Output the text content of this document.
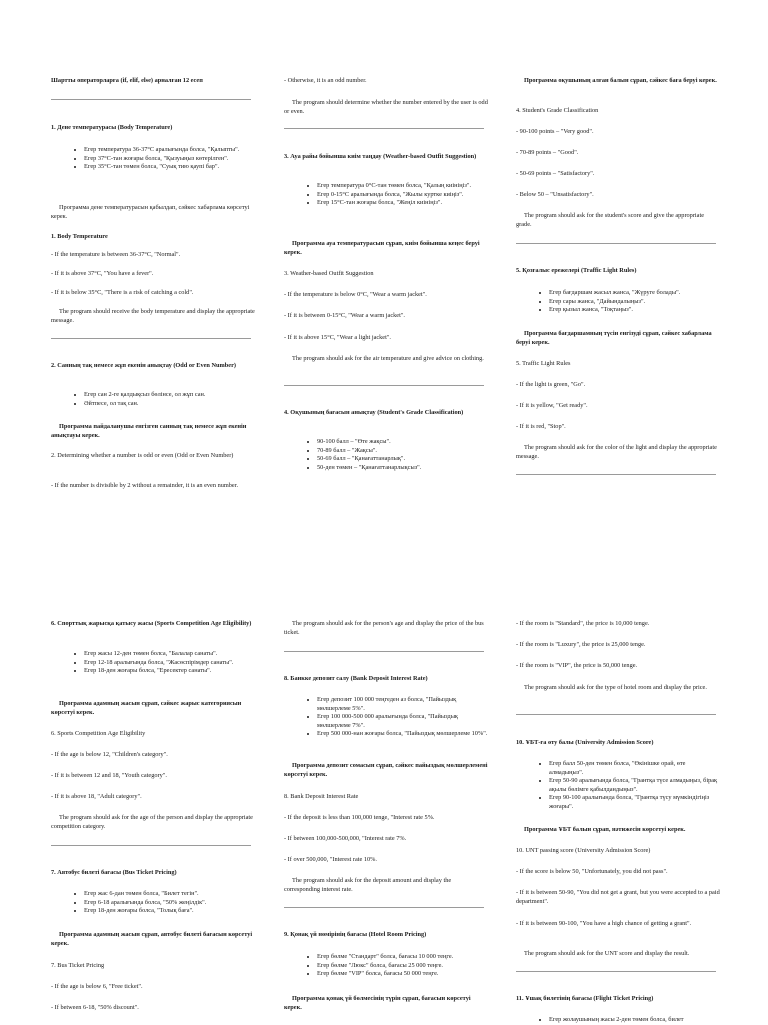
Шартты операторларға (if, elif, else) арналған 12 есеп
1. Дене температурасы (Body Temperature)
• Егер температура 36-37°C аралығында болса, "Қалыпты".
• Егер 37°C-тан жоғары болса, "Қызуыңыз көтерілген".
• Егер 35°C-тан төмен болса, "Суық тию қаупі бар".
Программа дене температурасын қабылдап, сәйкес хабарлама көрсетуі керек.
1. Body Temperature
- If the temperature is between 36-37°C, "Normal".
- If it is above 37°C, "You have a fever".
- If it is below 35°C, "There is a risk of catching a cold".
The program should receive the body temperature and display the appropriate message.
2. Санның тақ немесе жұп екенін анықтау (Odd or Even Number)
• Егер сан 2-ге қалдықсыз бөлінсе, ол жұп сан.
• Әйтпесе, ол тақ сан.
Программа пайдаланушы енгізген санның тақ немесе жұп екенін анықтауы керек.
2. Determining whether a number is odd or even (Odd or Even Number)
- If the number is divisible by 2 without a remainder, it is an even number.
6. Спорттық жарысқа қатысу жасы (Sports Competition Age Eligibility)
• Егер жасы 12-ден төмен болса, "Балалар санаты".
• Егер 12-18 аралығында болса, "Жасөспірімдер санаты".
• Егер 18-ден жоғары болса, "Ересектер санаты".
Программа адамның жасын сұрап, сәйкес жарыс категориясын көрсетуі керек.
6. Sports Competition Age Eligibility
- If the age is below 12, "Children's category".
- If it is between 12 and 18, "Youth category".
- If it is above 18, "Adult category".
The program should ask for the age of the person and display the appropriate competition category.
7. Автобус билеті бағасы (Bus Ticket Pricing)
• Егер жас 6-дан төмен болса, "Билет тегін".
• Егер 6-18 аралығында болса, "50% жеңілдік".
• Егер 18-ден жоғары болса, "Толық баға".
Программа адамның жасын сұрап, автобус билеті бағасын көрсетуі керек.
7. Bus Ticket Pricing
- If the age is below 6, "Free ticket".
- If between 6-18, "50% discount".
- Otherwise, it is an odd number.
The program should determine whether the number entered by the user is odd or even.
3. Ауа райы бойынша киім таңдау (Weather-based Outfit Suggestion)
• Егер температура 0°C-тан төмен болса, "Қалың киініңіз".
• Егер 0-15°C аралығында болса, "Жылы куртке киіңіз".
• Егер 15°C-тан жоғары болса, "Жеңіл киініңіз".
Программа ауа температурасын сұрап, киім бойынша кеңес беруі керек.
3. Weather-based Outfit Suggestion
- If the temperature is below 0°C, "Wear a warm jacket".
- If it is between 0-15°C, "Wear a warm jacket".
- If it is above 15°C, "Wear a light jacket".
The program should ask for the air temperature and give advice on clothing.
4. Оқушының бағасын анықтау (Student's Grade Classification)
• 90-100 балл – "Өте жақсы".
• 70-89 балл – "Жақсы".
• 50-69 балл – "Қанағаттанарлық".
• 50-ден төмен – "Қанағаттанарлықсыз".
The program should ask for the person's age and display the price of the bus ticket.
8. Банкке депозит салу (Bank Deposit Interest Rate)
• Егер депозит 100 000 теңгеден аз болса, "Пайыздық мөлшерлеме 5%".
• Егер 100 000-500 000 аралығында болса, "Пайыздық мөлшерлеме 7%".
• Егер 500 000-нан жоғары болса, "Пайыздық мөлшерлеме 10%".
Программа депозит сомасын сұрап, сәйкес пайыздық мөлшерлемені көрсетуі керек.
8. Bank Deposit Interest Rate
- If the deposit is less than 100,000 tenge, "Interest rate 5%.
- If between 100,000-500,000, "Interest rate 7%.
- If over 500,000, "Interest rate 10%.
The program should ask for the deposit amount and display the corresponding interest rate.
9. Қонақ үй нөмірінің бағасы (Hotel Room Pricing)
• Егер бөлме "Стандарт" болса, бағасы 10 000 теңге.
• Егер бөлме "Люкс" болса, бағасы 25 000 теңге.
• Егер бөлме "VIP" болса, бағасы 50 000 теңге.
Программа қонақ үй бөлмесінің түрін сұрап, бағасын көрсетуі керек.
Программа оқушының алған балын сұрап, сәйкес баға беруі керек.
4. Student's Grade Classification
- 90-100 points – "Very good".
- 70-89 points – "Good".
- 50-69 points – "Satisfactory".
- Below 50 – "Unsatisfactory".
The program should ask for the student's score and give the appropriate grade.
5. Қозғалыс ережелері (Traffic Light Rules)
• Егер бағдаршам жасыл жанса, "Жүруге болады".
• Егер сары жанса, "Дайындалыңыз".
• Егер қызыл жанса, "Тоқтаңыз".
Программа бағдаршамның түсін енгізуді сұрап, сәйкес хабарлама беруі керек.
5. Traffic Light Rules
- If the light is green, "Go".
- If it is yellow, "Get ready".
- If it is red, "Stop".
The program should ask for the color of the light and display the appropriate message.
- If the room is "Standard", the price is 10,000 tenge.
- If the room is "Luxury", the price is 25,000 tenge.
- If the room is "VIP", the price is 50,000 tenge.
The program should ask for the type of hotel room and display the price.
10. ҰБТ-ға өту балы (University Admission Score)
• Егер балл 50-ден төмен болса, "Өкінішке орай, өте алмадыңыз".
• Егер 50-90 аралығында болса, "Грантқа түсе алмадыңыз, бірақ ақылы бөлімге қабылдандыңыз".
• Егер 90-100 аралығында болса, "Грантқа түсу мүмкіндігіңіз жоғары".
Программа ҰБТ балын сұрап, нәтижесін көрсетуі керек.
10. UNT passing score (University Admission Score)
- If the score is below 50, "Unfortunately, you did not pass".
- If it is between 50-90, "You did not get a grant, but you were accepted to a paid department".
- If it is between 90-100, "You have a high chance of getting a grant".
The program should ask for the UNT score and display the result.
11. Ұшақ билетінің бағасы (Flight Ticket Pricing)
• Егер жолаушының жасы 2-ден төмен болса, билет
